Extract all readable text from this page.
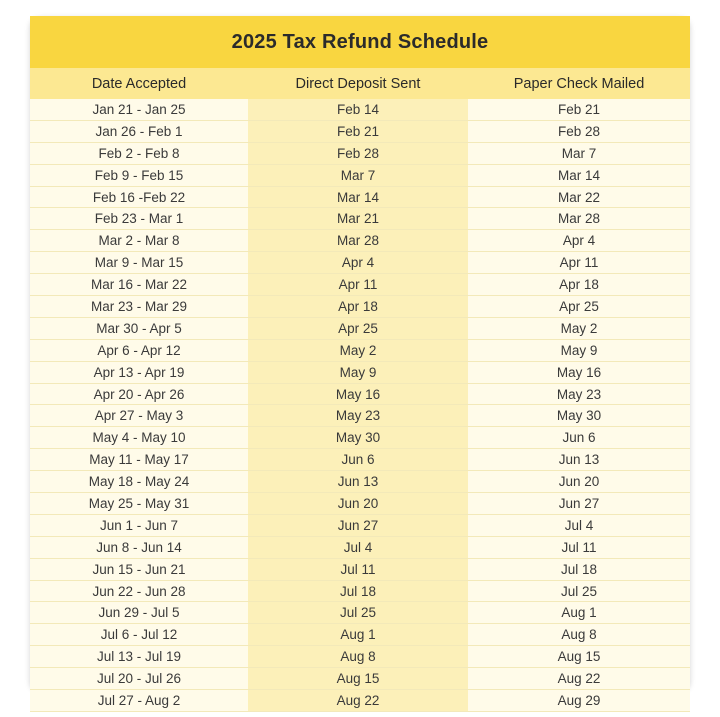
2025 Tax Refund Schedule
Date Accepted	Direct Deposit Sent	Paper Check Mailed
Jan 21 - Jan 25	Feb 14	Feb 21
Jan 26 - Feb 1	Feb 21	Feb 28
Feb 2 - Feb 8	Feb 28	Mar 7
Feb 9 - Feb 15	Mar 7	Mar 14
Feb 16 -Feb 22	Mar 14	Mar 22
Feb 23 - Mar 1	Mar 21	Mar 28
Mar 2 - Mar 8	Mar 28	Apr 4
Mar 9 - Mar 15	Apr 4	Apr 11
Mar 16 - Mar 22	Apr 11	Apr 18
Mar 23 - Mar 29	Apr 18	Apr 25
Mar 30 - Apr 5	Apr 25	May 2
Apr 6 - Apr 12	May 2	May 9
Apr 13 - Apr 19	May 9	May 16
Apr 20 - Apr 26	May 16	May 23
Apr 27 - May 3	May 23	May 30
May 4 - May 10	May 30	Jun 6
May 11 - May 17	Jun 6	Jun 13
May 18 - May 24	Jun 13	Jun 20
May 25 - May 31	Jun 20	Jun 27
Jun 1 - Jun 7	Jun 27	Jul 4
Jun 8 - Jun 14	Jul 4	Jul 11
Jun 15 - Jun 21	Jul 11	Jul 18
Jun 22 - Jun 28	Jul 18	Jul 25
Jun 29 - Jul 5	Jul 25	Aug 1
Jul 6 - Jul 12	Aug 1	Aug 8
Jul 13 - Jul 19	Aug 8	Aug 15
Jul 20 - Jul 26	Aug 15	Aug 22
Jul 27 - Aug 2	Aug 22	Aug 29
